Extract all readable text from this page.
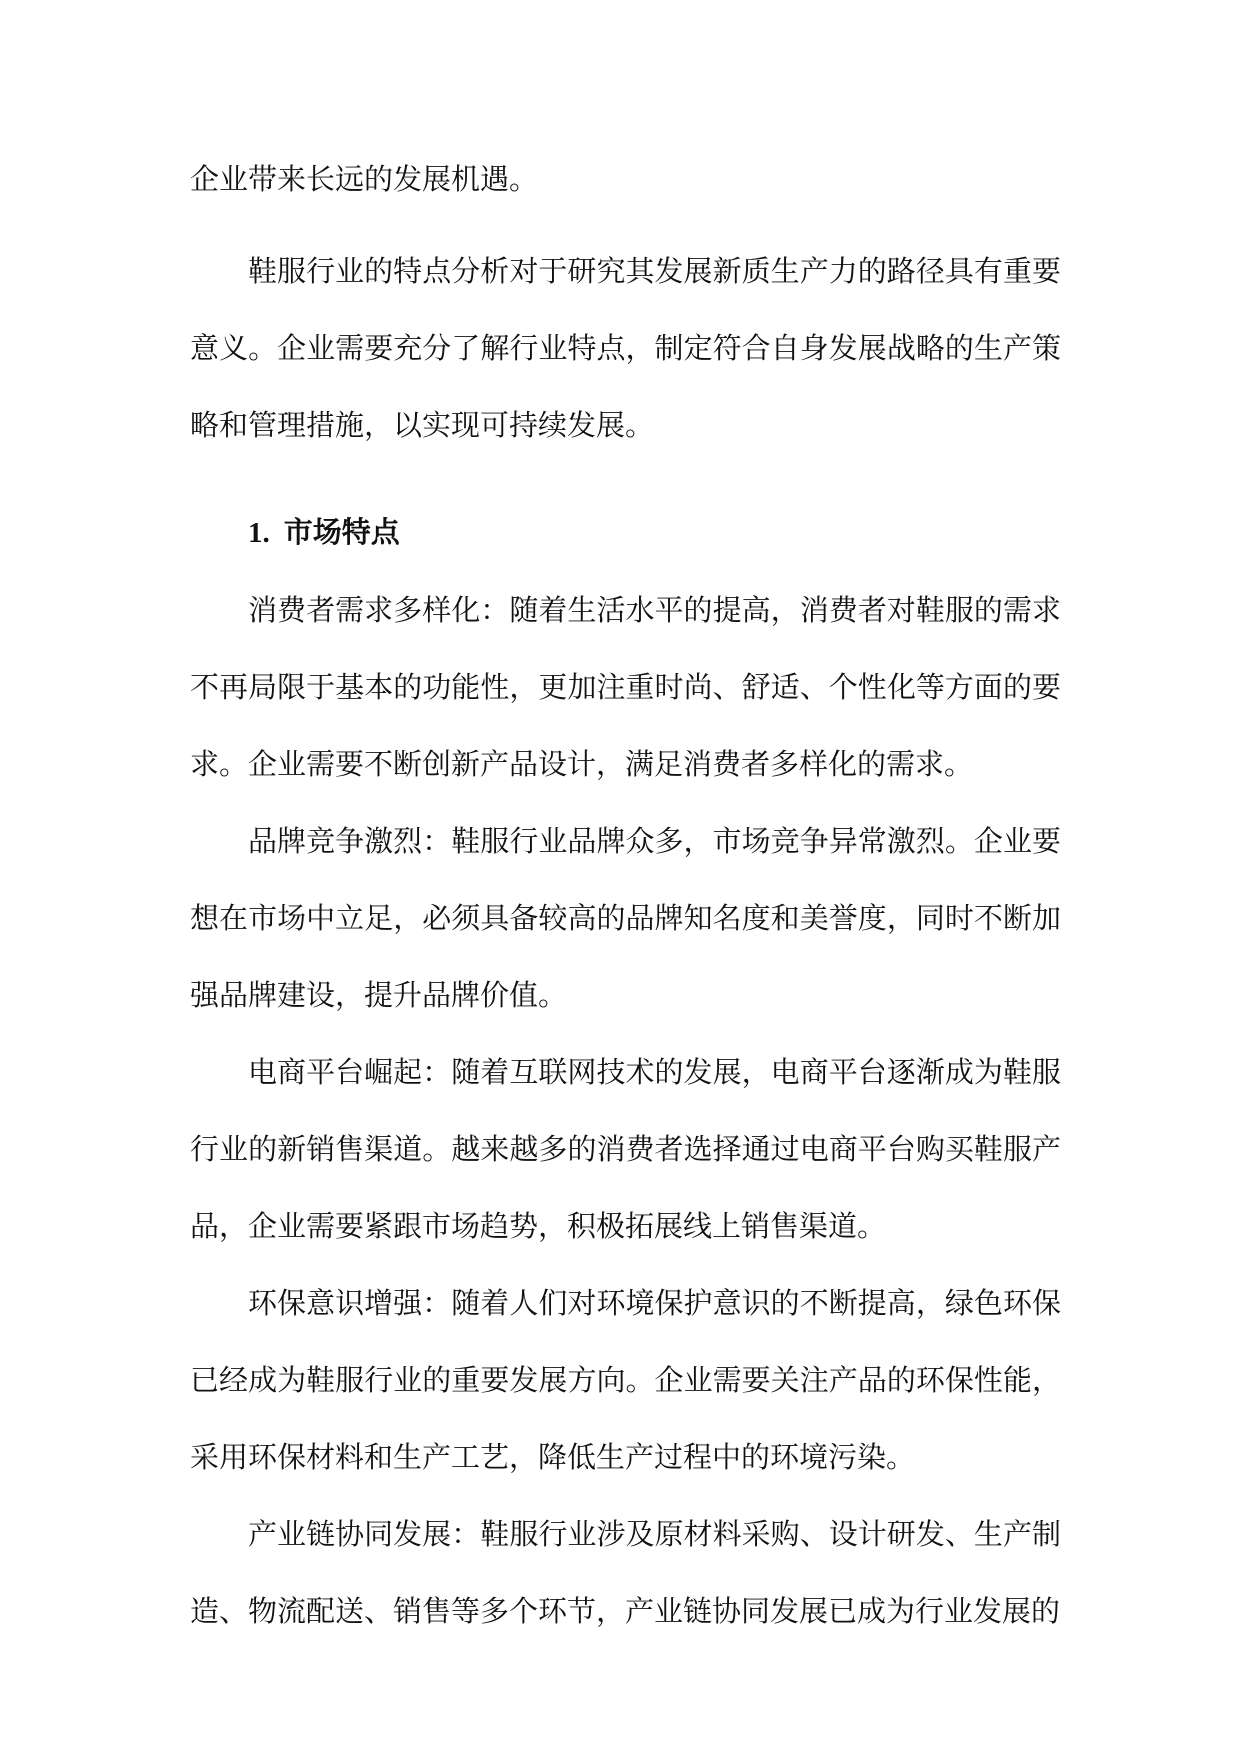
企业带来长远的发展机遇。

鞋服行业的特点分析对于研究其发展新质生产力的路径具有重要意义。企业需要充分了解行业特点，制定符合自身发展战略的生产策略和管理措施，以实现可持续发展。

1. 市场特点

消费者需求多样化：随着生活水平的提高，消费者对鞋服的需求不再局限于基本的功能性，更加注重时尚、舒适、个性化等方面的要求。企业需要不断创新产品设计，满足消费者多样化的需求。

品牌竞争激烈：鞋服行业品牌众多，市场竞争异常激烈。企业要想在市场中立足，必须具备较高的品牌知名度和美誉度，同时不断加强品牌建设，提升品牌价值。

电商平台崛起：随着互联网技术的发展，电商平台逐渐成为鞋服行业的新销售渠道。越来越多的消费者选择通过电商平台购买鞋服产品，企业需要紧跟市场趋势，积极拓展线上销售渠道。

环保意识增强：随着人们对环境保护意识的不断提高，绿色环保已经成为鞋服行业的重要发展方向。企业需要关注产品的环保性能，采用环保材料和生产工艺，降低生产过程中的环境污染。

产业链协同发展：鞋服行业涉及原材料采购、设计研发、生产制造、物流配送、销售等多个环节，产业链协同发展已成为行业发展的
